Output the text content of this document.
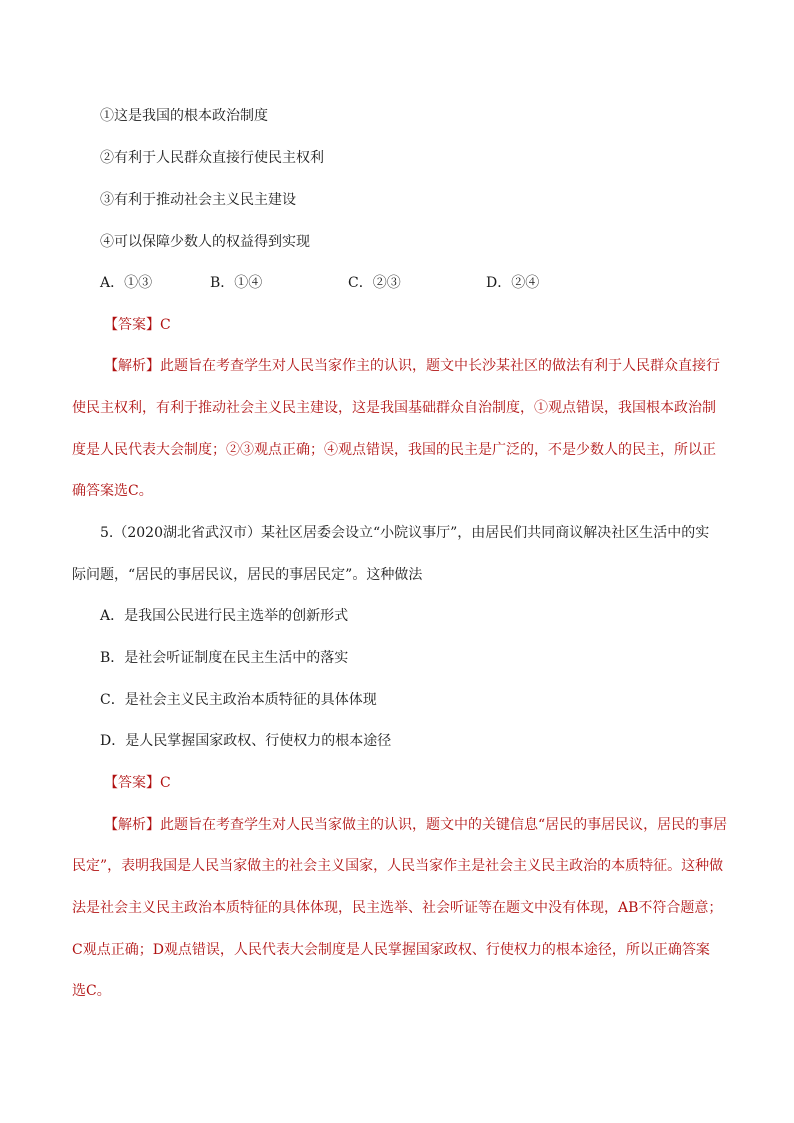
①这是我国的根本政治制度
②有利于人民群众直接行使民主权利
③有利于推动社会主义民主建设
④可以保障少数人的权益得到实现
A．①③	B．①④	C．②③	D．②④
【答案】C
【解析】此题旨在考查学生对人民当家作主的认识，题文中长沙某社区的做法有利于人民群众直接行
使民主权利，有利于推动社会主义民主建设，这是我国基础群众自治制度，①观点错误，我国根本政治制
度是人民代表大会制度；②③观点正确；④观点错误，我国的民主是广泛的，不是少数人的民主，所以正
确答案选C。
5.（2020湖北省武汉市）某社区居委会设立“小院议事厅”，由居民们共同商议解决社区生活中的实
际问题，“居民的事居民议，居民的事居民定”。这种做法
A．是我国公民进行民主选举的创新形式
B．是社会听证制度在民主生活中的落实
C．是社会主义民主政治本质特征的具体体现
D．是人民掌握国家政权、行使权力的根本途径
【答案】C
【解析】此题旨在考查学生对人民当家做主的认识，题文中的关键信息“居民的事居民议，居民的事居
民定”，表明我国是人民当家做主的社会主义国家，人民当家作主是社会主义民主政治的本质特征。这种做
法是社会主义民主政治本质特征的具体体现，民主选举、社会听证等在题文中没有体现，AB不符合题意；
C观点正确；D观点错误，人民代表大会制度是人民掌握国家政权、行使权力的根本途径，所以正确答案
选C。
